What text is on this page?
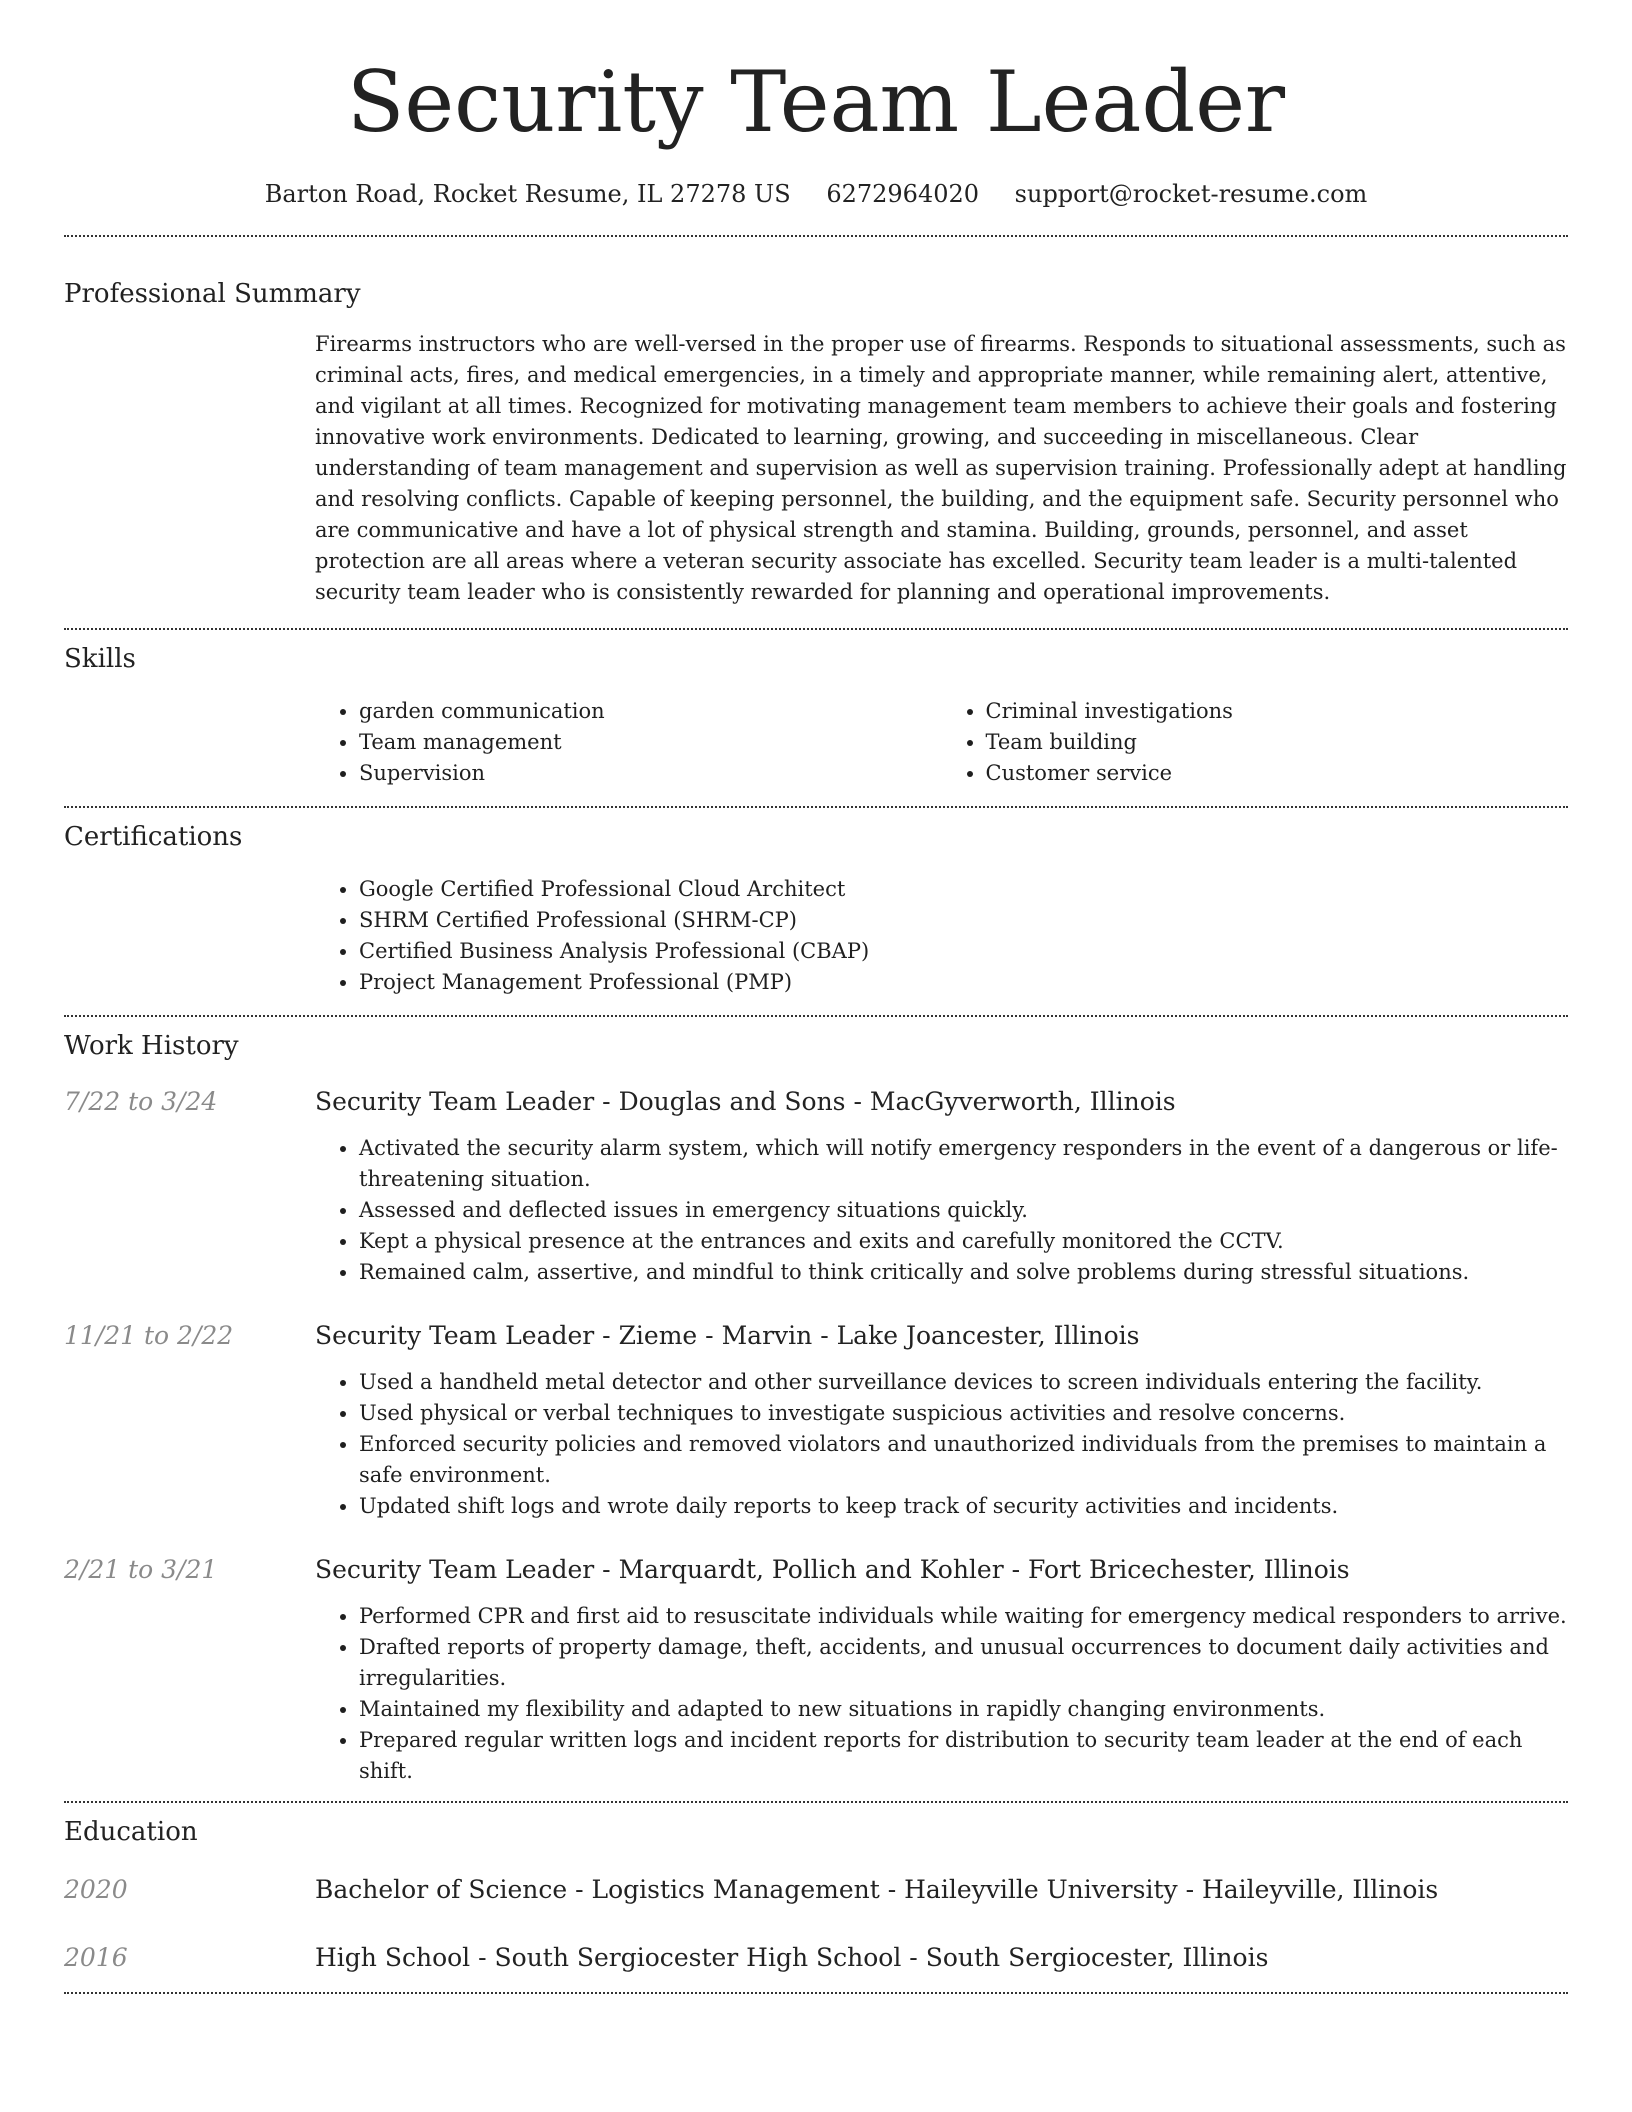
Security Team Leader
Barton Road, Rocket Resume, IL 27278 US 6272964020 support@rocket-resume.com
Professional Summary

Firearms instructors who are well-versed in the proper use of firearms. Responds to situational assessments, such as criminal acts, fires, and medical emergencies, in a timely and appropriate manner, while remaining alert, attentive, and vigilant at all times. Recognized for motivating management team members to achieve their goals and fostering innovative work environments. Dedicated to learning, growing, and succeeding in miscellaneous. Clear understanding of team management and supervision as well as supervision training. Professionally adept at handling and resolving conflicts. Capable of keeping personnel, the building, and the equipment safe. Security personnel who are communicative and have a lot of physical strength and stamina. Building, grounds, personnel, and asset protection are all areas where a veteran security associate has excelled. Security team leader is a multi-talented security team leader who is consistently rewarded for planning and operational improvements.

Skills
• garden communication
• Team management
• Supervision
• Criminal investigations
• Team building
• Customer service
Certifications
• Google Certified Professional Cloud Architect
• SHRM Certified Professional (SHRM-CP)
• Certified Business Analysis Professional (CBAP)
• Project Management Professional (PMP)
Work History
7/22 to 3/24	Security Team Leader - Douglas and Sons - MacGyverworth, Illinois
• Activated the security alarm system, which will notify emergency responders in the event of a dangerous or life-threatening situation.
• Assessed and deflected issues in emergency situations quickly.
• Kept a physical presence at the entrances and exits and carefully monitored the CCTV.
• Remained calm, assertive, and mindful to think critically and solve problems during stressful situations.
11/21 to 2/22	Security Team Leader - Zieme - Marvin - Lake Joancester, Illinois
• Used a handheld metal detector and other surveillance devices to screen individuals entering the facility.
• Used physical or verbal techniques to investigate suspicious activities and resolve concerns.
• Enforced security policies and removed violators and unauthorized individuals from the premises to maintain a safe environment.
• Updated shift logs and wrote daily reports to keep track of security activities and incidents.
2/21 to 3/21	Security Team Leader - Marquardt, Pollich and Kohler - Fort Bricechester, Illinois
• Performed CPR and first aid to resuscitate individuals while waiting for emergency medical responders to arrive.
• Drafted reports of property damage, theft, accidents, and unusual occurrences to document daily activities and irregularities.
• Maintained my flexibility and adapted to new situations in rapidly changing environments.
• Prepared regular written logs and incident reports for distribution to security team leader at the end of each shift.
Education
2020	Bachelor of Science - Logistics Management - Haileyville University - Haileyville, Illinois
2016	High School - South Sergiocester High School - South Sergiocester, Illinois
